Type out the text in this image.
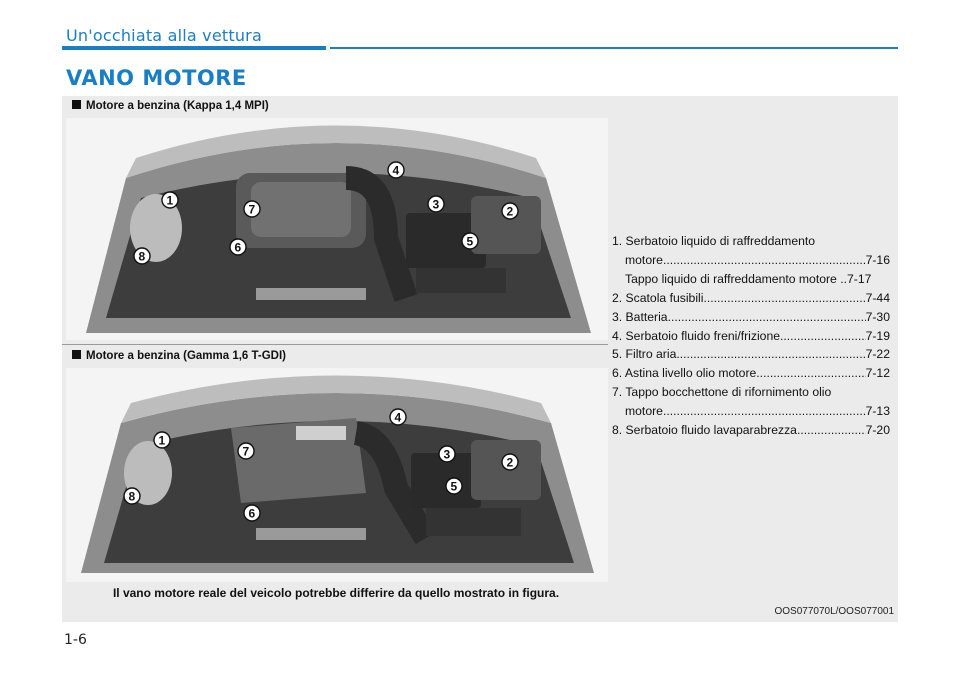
Un'occhiata alla vettura
VANO MOTORE
Motore a benzina (Kappa 1,4 MPI)
1
2
3
4
5
6
7
8
Motore a benzina (Gamma 1,6 T-GDI)
1
2
3
4
5
6
7
8
1. Serbatoio liquido di raffreddamento
motore .....	7-16
Tappo liquido di raffreddamento motore .. 7-17
2. Scatola fusibili .....	7-44
3. Batteria .....	7-30
4. Serbatoio fluido freni/frizione .....	7-19
5. Filtro aria .....	7-22
6. Astina livello olio motore .....	7-12
7. Tappo bocchettone di rifornimento olio
motore .....	7-13
8. Serbatoio fluido lavaparabrezza .....	7-20
Il vano motore reale del veicolo potrebbe differire da quello mostrato in figura.
OOS077070L/OOS077001
1-6
